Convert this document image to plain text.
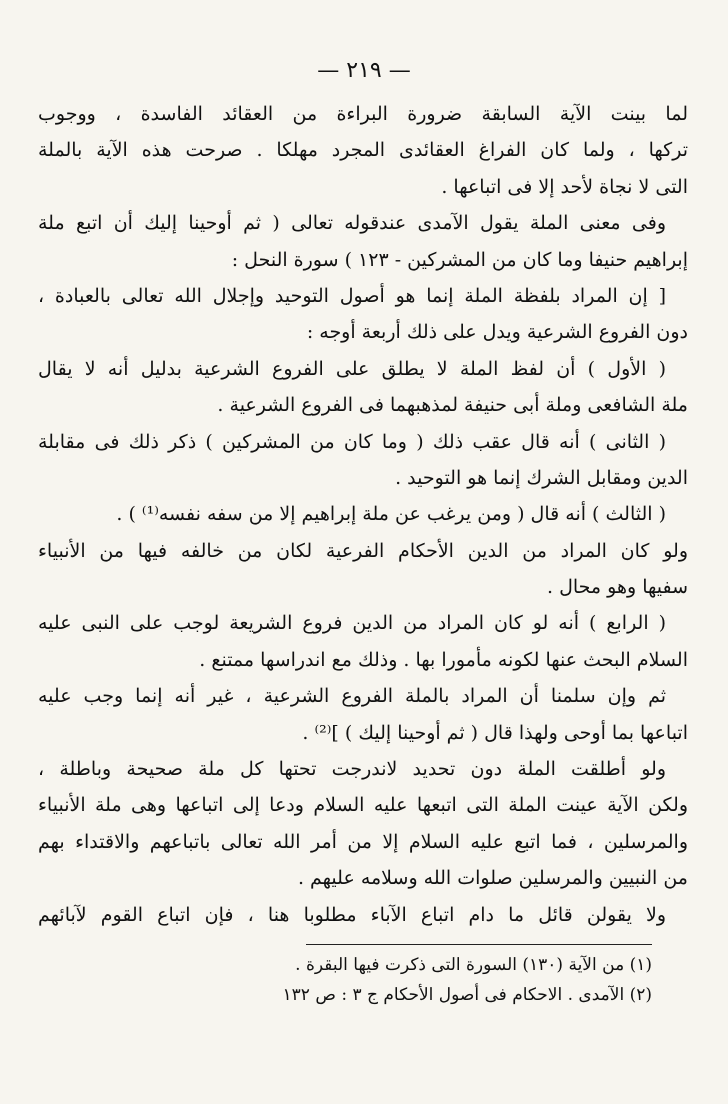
— ٢١٩ —
لما بينت الآية السابقة ضرورة البراءة من العقائد الفاسدة ، ووجوب
تركها ، ولما كان الفراغ العقائدى المجرد مهلكا . صرحت هذه الآية بالملة
التى لا نجاة لأحد إلا فى اتباعها .
وفى معنى الملة يقول الآمدى عندقوله تعالى ( ثم أوحينا إليك أن اتبع ملة
إبراهيم حنيفا وما كان من المشركين - ١٢٣ ) سورة النحل :
[ إن المراد بلفظة الملة إنما هو أصول التوحيد وإجلال الله تعالى بالعبادة ،
دون الفروع الشرعية ويدل على ذلك أربعة أوجه :
( الأول ) أن لفظ الملة لا يطلق على الفروع الشرعية بدليل أنه لا يقال
ملة الشافعى وملة أبى حنيفة لمذهبهما فى الفروع الشرعية .
( الثانى ) أنه قال عقب ذلك ( وما كان من المشركين ) ذكر ذلك فى مقابلة
الدين ومقابل الشرك إنما هو التوحيد .
( الثالث ) أنه قال ( ومن يرغب عن ملة إبراهيم إلا من سفه نفسه⁽¹⁾ ) .
ولو كان المراد من الدين الأحكام الفرعية لكان من خالفه فيها من الأنبياء
سفيها وهو محال .
( الرابع ) أنه لو كان المراد من الدين فروع الشريعة لوجب على النبى عليه
السلام البحث عنها لكونه مأمورا بها . وذلك مع اندراسها ممتنع .
ثم وإن سلمنا أن المراد بالملة الفروع الشرعية ، غير أنه إنما وجب عليه
اتباعها بما أوحى ولهذا قال ( ثم أوحينا إليك ) ]⁽²⁾ .
ولو أطلقت الملة دون تحديد لاندرجت تحتها كل ملة صحيحة وباطلة ،
ولكن الآية عينت الملة التى اتبعها عليه السلام ودعا إلى اتباعها وهى ملة الأنبياء
والمرسلين ، فما اتبع عليه السلام إلا من أمر الله تعالى باتباعهم والاقتداء بهم
من النبيين والمرسلين صلوات الله وسلامه عليهم .
ولا يقولن قائل ما دام اتباع الآباء مطلوبا هنا ، فإن اتباع القوم لآبائهم
(١) من الآية (١٣٠) السورة التى ذكرت فيها البقرة .
(٢) الآمدى . الاحكام فى أصول الأحكام ج ٣ : ص ١٣٢
